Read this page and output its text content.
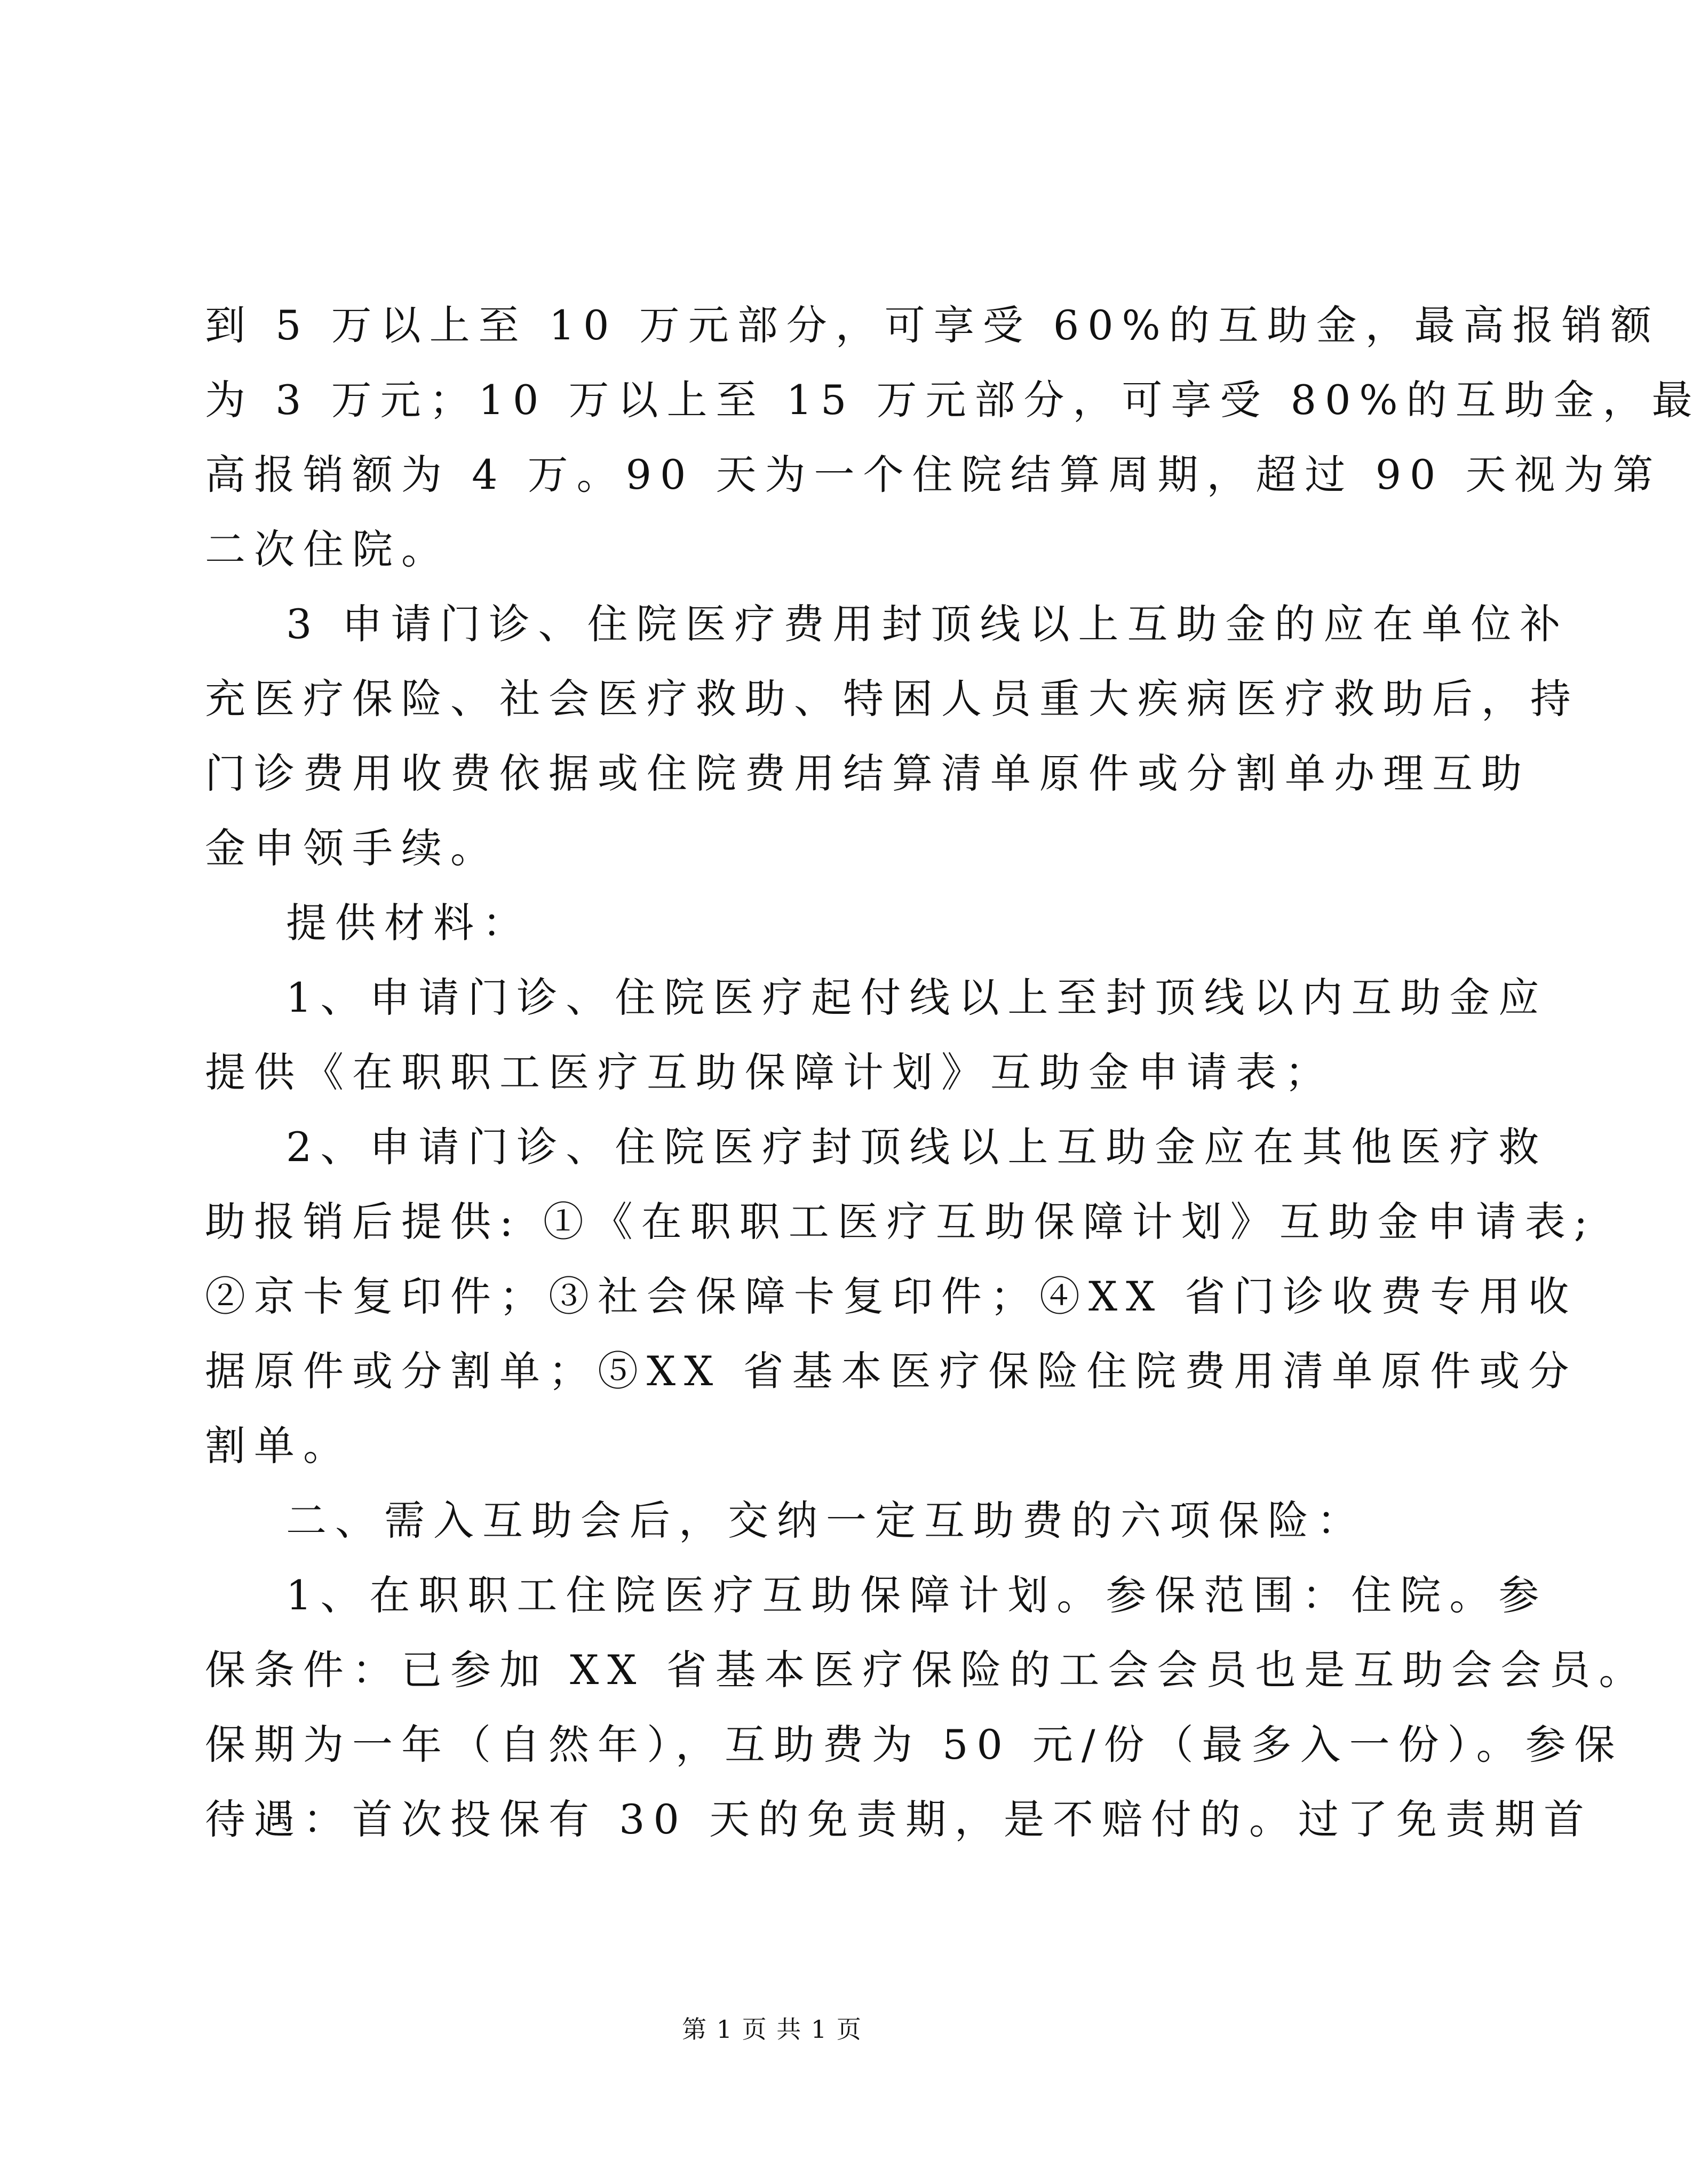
到 5 万以上至 10 万元部分，可享受 60%的互助金，最高报销额
为 3 万元；10 万以上至 15 万元部分，可享受 80%的互助金，最
高报销额为 4 万。90 天为一个住院结算周期，超过 90 天视为第
二次住院。
3 申请门诊、住院医疗费用封顶线以上互助金的应在单位补
充医疗保险、社会医疗救助、特困人员重大疾病医疗救助后，持
门诊费用收费依据或住院费用结算清单原件或分割单办理互助
金申领手续。
提供材料：
1、申请门诊、住院医疗起付线以上至封顶线以内互助金应
提供《在职职工医疗互助保障计划》互助金申请表；
2、申请门诊、住院医疗封顶线以上互助金应在其他医疗救
助报销后提供: ①《在职职工医疗互助保障计划》互助金申请表;
②京卡复印件；③社会保障卡复印件；④XX 省门诊收费专用收
据原件或分割单；⑤XX 省基本医疗保险住院费用清单原件或分
割单。
二、需入互助会后，交纳一定互助费的六项保险：
1、在职职工住院医疗互助保障计划。参保范围：住院。参
保条件：已参加 XX 省基本医疗保险的工会会员也是互助会会员。
保期为一年（自然年），互助费为 50 元/份（最多入一份）。参保
待遇：首次投保有 30 天的免责期，是不赔付的。过了免责期首
第 1 页 共 1 页
